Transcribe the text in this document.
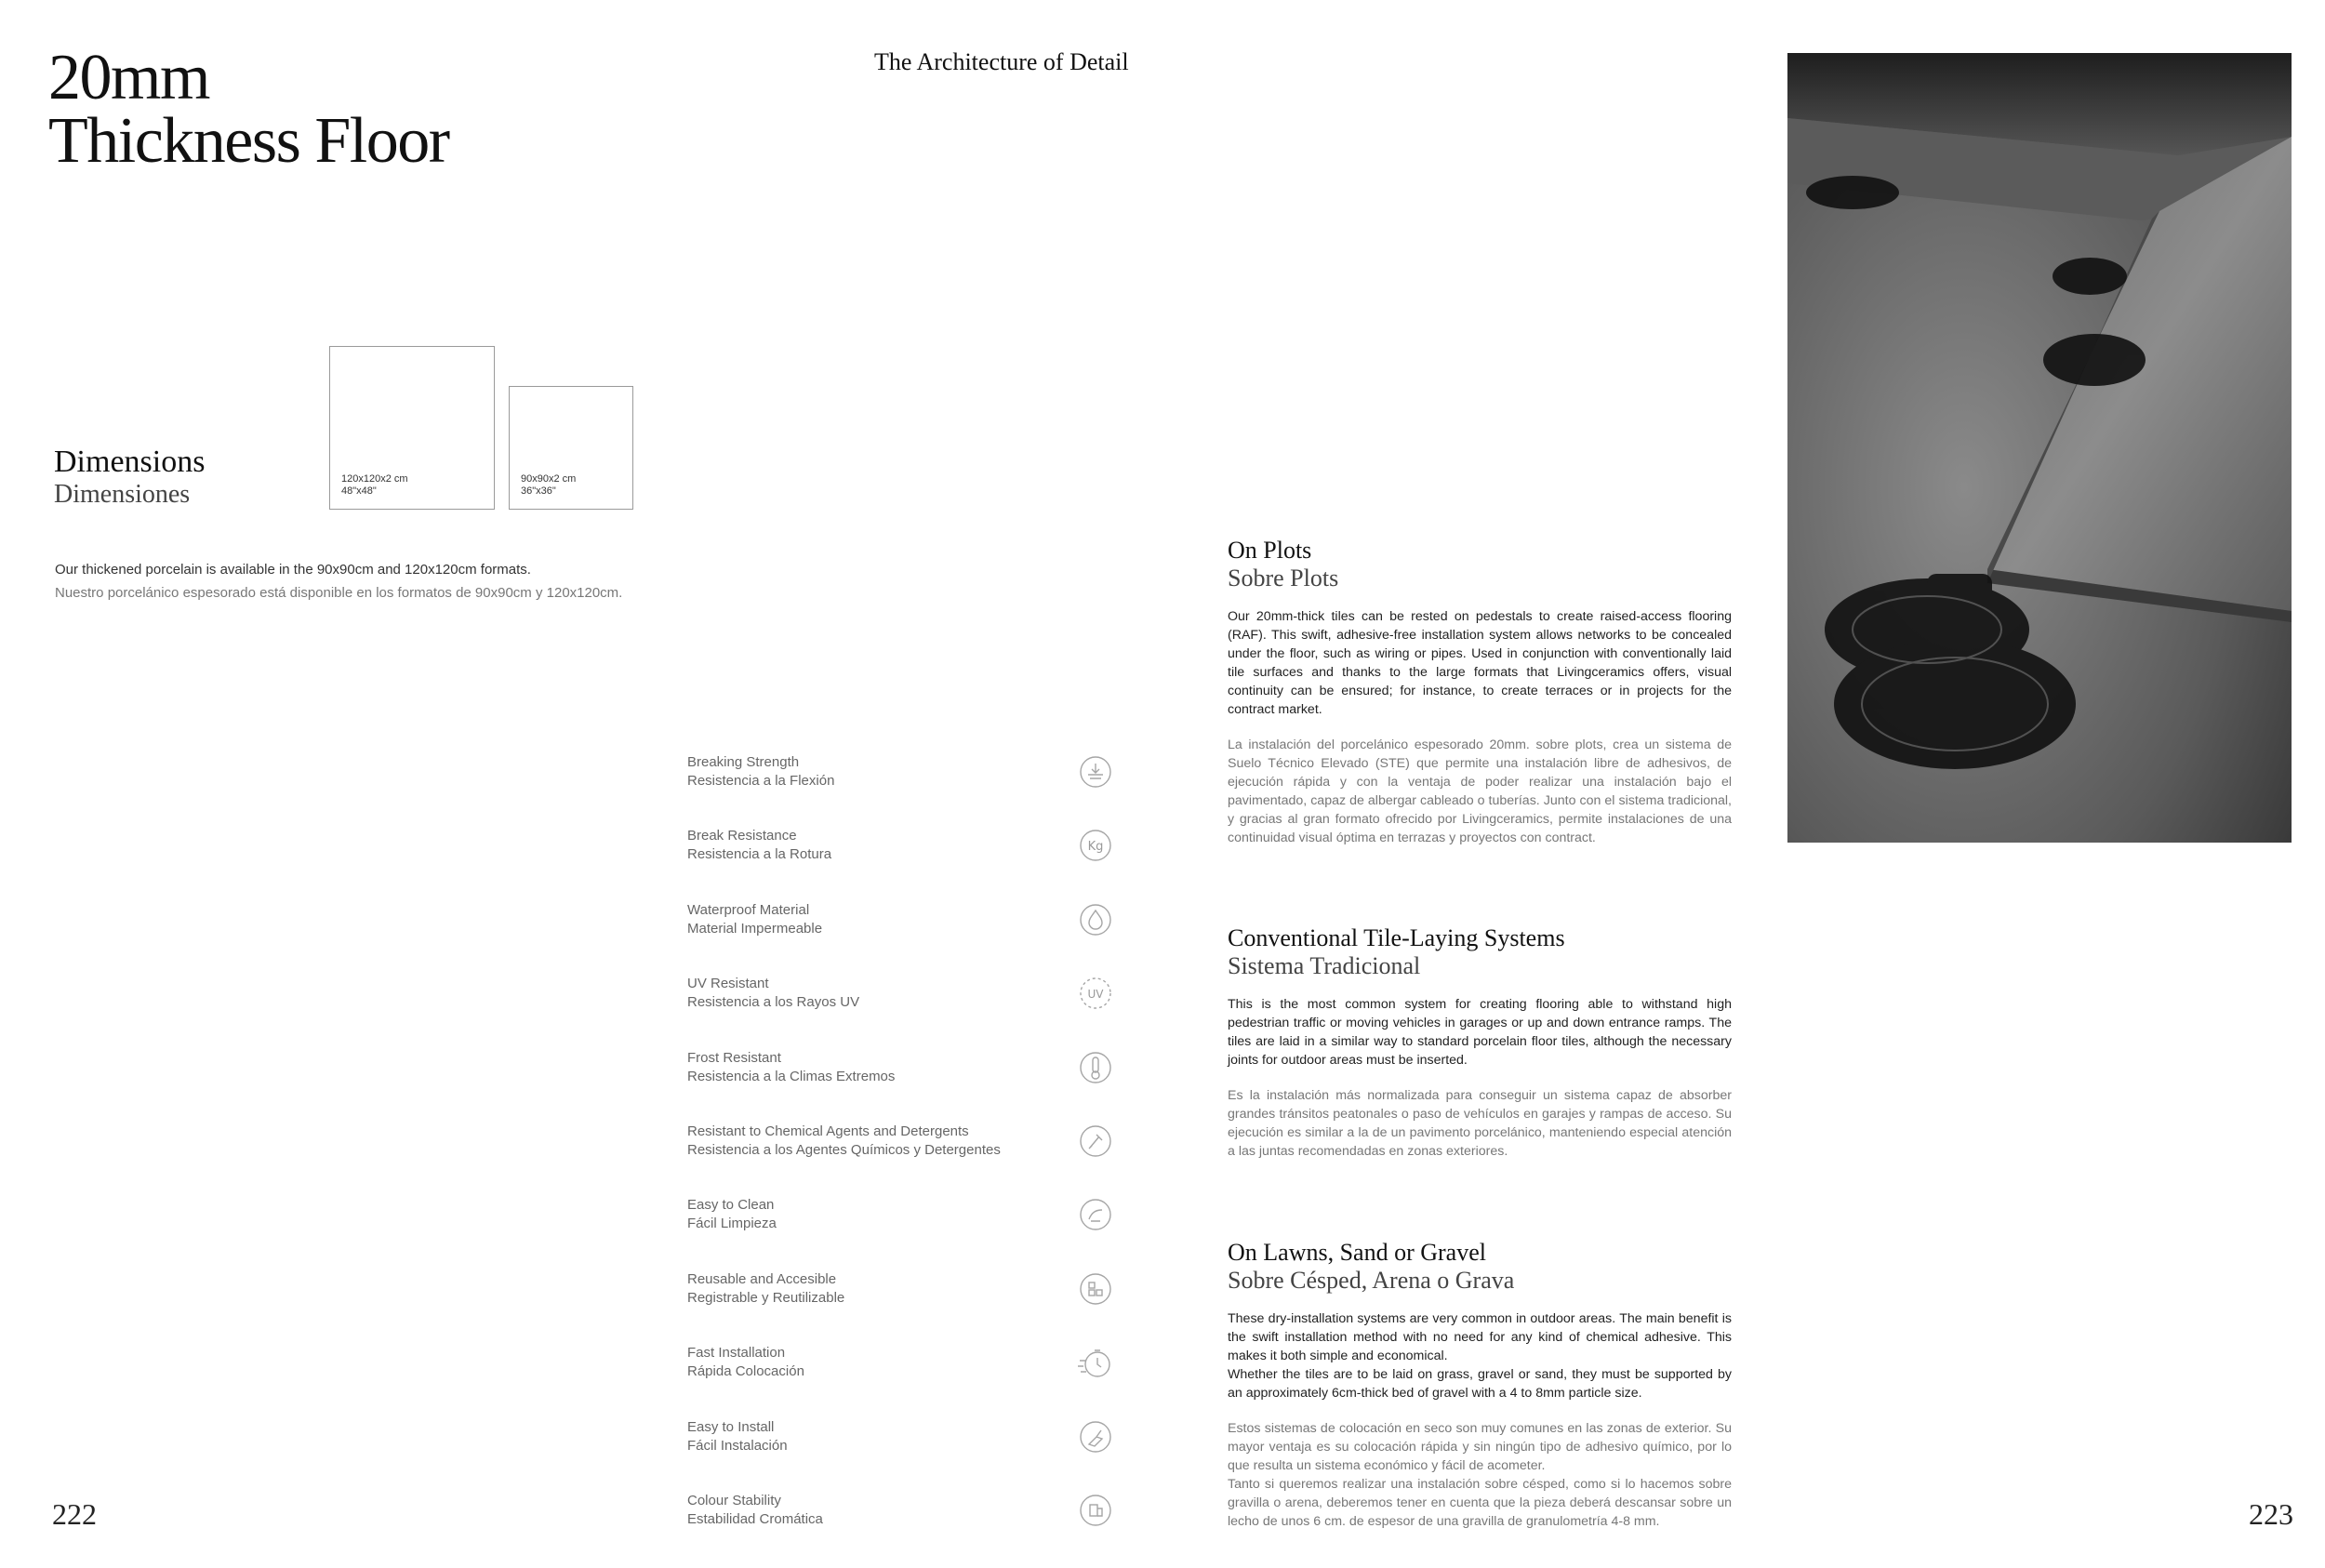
20mm
Thickness Floor
The Architecture of Detail
Dimensions
Dimensiones
120x120x2 cm
48"x48"
90x90x2 cm
36"x36"
Our thickened porcelain is available in the 90x90cm and 120x120cm formats.
Nuestro porcelánico espesorado está disponible en los formatos de 90x90cm y 120x120cm.
Breaking Strength
Resistencia a la Flexión
Break Resistance
Resistencia a la Rotura	Kg
Waterproof Material
Material Impermeable
UV Resistant
Resistencia a los Rayos UV	UV
Frost Resistant
Resistencia a la Climas Extremos
Resistant to Chemical Agents and Detergents
Resistencia a los Agentes Químicos y Detergentes
Easy to Clean
Fácil Limpieza
Reusable and Accesible
Registrable y Reutilizable
Fast Installation
Rápida Colocación
Easy to Install
Fácil Instalación
Colour Stability
Estabilidad Cromática
On Plots
Sobre Plots
Our 20mm-thick tiles can be rested on pedestals to create raised-access flooring (RAF). This swift, adhesive-free installation system allows networks to be concealed under the floor, such as wiring or pipes. Used in conjunction with conventionally laid tile surfaces and thanks to the large formats that Livingceramics offers, visual continuity can be ensured; for instance, to create terraces or in projects for the contract market.
La instalación del porcelánico espesorado 20mm. sobre plots, crea un sistema de Suelo Técnico Elevado (STE) que permite una instalación libre de adhesivos, de ejecución rápida y con la ventaja de poder realizar una instalación bajo el pavimentado, capaz de albergar cableado o tuberías. Junto con el sistema tradicional, y gracias al gran formato ofrecido por Livingceramics, permite instalaciones de una continuidad visual óptima en terrazas y proyectos con contract.
Conventional Tile-Laying Systems
Sistema Tradicional
This is the most common system for creating flooring able to withstand high pedestrian traffic or moving vehicles in garages or up and down entrance ramps. The tiles are laid in a similar way to standard porcelain floor tiles, although the necessary joints for outdoor areas must be inserted.
Es la instalación más normalizada para conseguir un sistema capaz de absorber grandes tránsitos peatonales o paso de vehículos en garajes y rampas de acceso. Su ejecución es similar a la de un pavimento porcelánico, manteniendo especial atención a las juntas recomendadas en zonas exteriores.
On Lawns, Sand or Gravel
Sobre Césped, Arena o Grava
These dry-installation systems are very common in outdoor areas. The main benefit is the swift installation method with no need for any kind of chemical adhesive. This makes it both simple and economical.
Whether the tiles are to be laid on grass, gravel or sand, they must be supported by an approximately 6cm-thick bed of gravel with a 4 to 8mm particle size.
Estos sistemas de colocación en seco son muy comunes en las zonas de exterior. Su mayor ventaja es su colocación rápida y sin ningún tipo de adhesivo químico, por lo que resulta un sistema económico y fácil de acometer.
Tanto si queremos realizar una instalación sobre césped, como si lo hacemos sobre gravilla o arena, deberemos tener en cuenta que la pieza deberá descansar sobre un lecho de unos 6 cm. de espesor de una gravilla de granulometría 4-8 mm.
222	223
